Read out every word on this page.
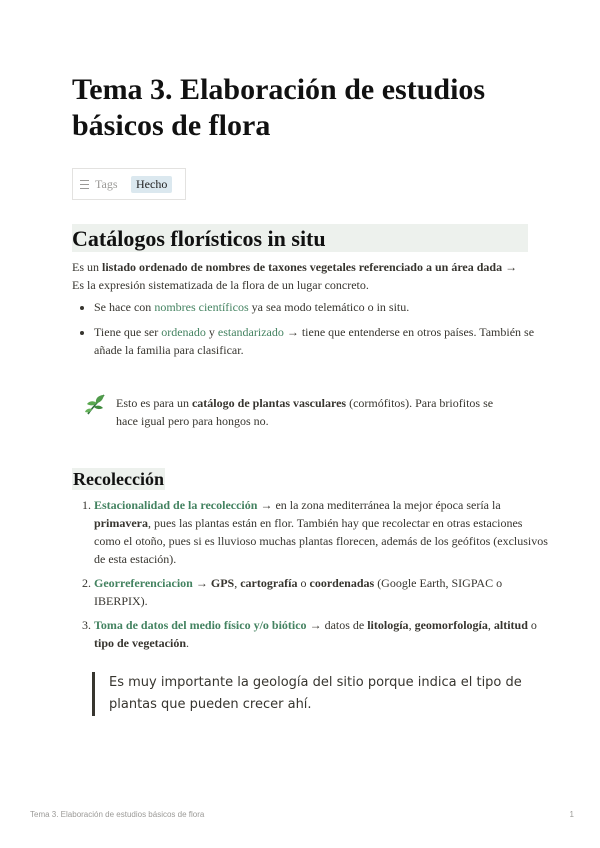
Tema 3. Elaboración de estudios básicos de flora
Tags	Hecho
Catálogos florísticos in situ

Es un listado ordenado de nombres de taxones vegetales referenciado a un área dada → Es la expresión sistematizada de la flora de un lugar concreto.

• Se hace con nombres científicos ya sea modo telemático o in situ.
• Tiene que ser ordenado y estandarizado → tiene que entenderse en otros países. También se añade la familia para clasificar.

Esto es para un catálogo de plantas vasculares (cormófitos). Para briofitos se hace igual pero para hongos no.

Recolección
1. Estacionalidad de la recolección → en la zona mediterránea la mejor época sería la primavera, pues las plantas están en flor. También hay que recolectar en otras estaciones como el otoño, pues si es lluvioso muchas plantas florecen, además de los geófitos (exclusivos de esta estación).
2. Georreferenciacion → GPS, cartografía o coordenadas (Google Earth, SIGPAC o IBERPIX).
3. Toma de datos del medio físico y/o biótico → datos de litología, geomorfología, altitud o tipo de vegetación.
Es muy importante la geología del sitio porque indica el tipo de plantas que pueden crecer ahí.
Tema 3. Elaboración de estudios básicos de flora	1
